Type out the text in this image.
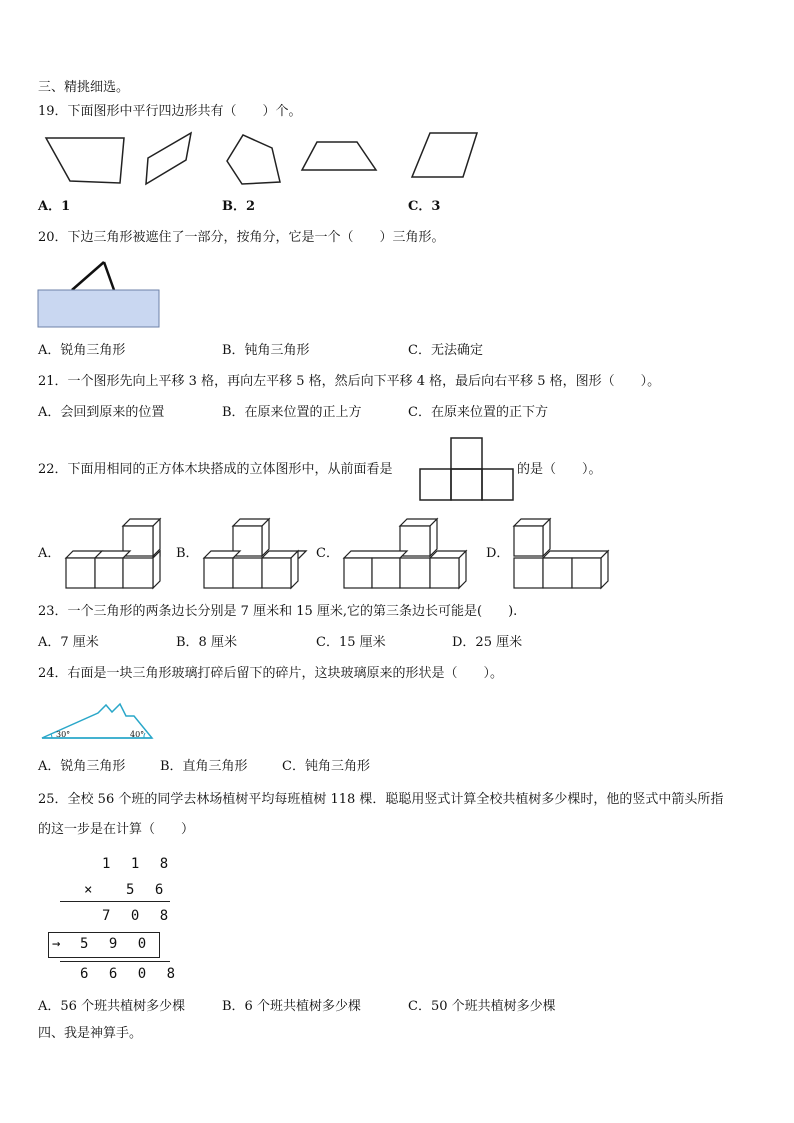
三、精挑细选。
19．下面图形中平行四边形共有（　　）个。
A．1	B．2	C．3
20．下边三角形被遮住了一部分，按角分，它是一个（　　）三角形。
A．锐角三角形	B．钝角三角形	C．无法确定
21．一个图形先向上平移 3 格，再向左平移 5 格，然后向下平移 4 格，最后向右平移 5 格，图形（　　）。
A．会回到原来的位置	B．在原来位置的正上方	C．在原来位置的正下方
22．下面用相同的正方体木块搭成的立体图形中，从前面看是	的是（　　）。
A．	B．	C．	D．
23．一个三角形的两条边长分别是 7 厘米和 15 厘米,它的第三条边长可能是(　　).
A．7 厘米	B．8 厘米	C．15 厘米	D．25 厘米
24．右面是一块三角形玻璃打碎后留下的碎片，这块玻璃原来的形状是（　　）。
30°	40°
A．锐角三角形	B．直角三角形	C．钝角三角形
25．全校 56 个班的同学去林场植树平均每班植树 118 棵．聪聪用竖式计算全校共植树多少棵时，他的竖式中箭头所指
的这一步是在计算（　　）
1 1 8
× 5 6
7 0 8
→ 5 9 0
6 6 0 8
A．56 个班共植树多少棵	B．6 个班共植树多少棵	C．50 个班共植树多少棵
四、我是神算手。
